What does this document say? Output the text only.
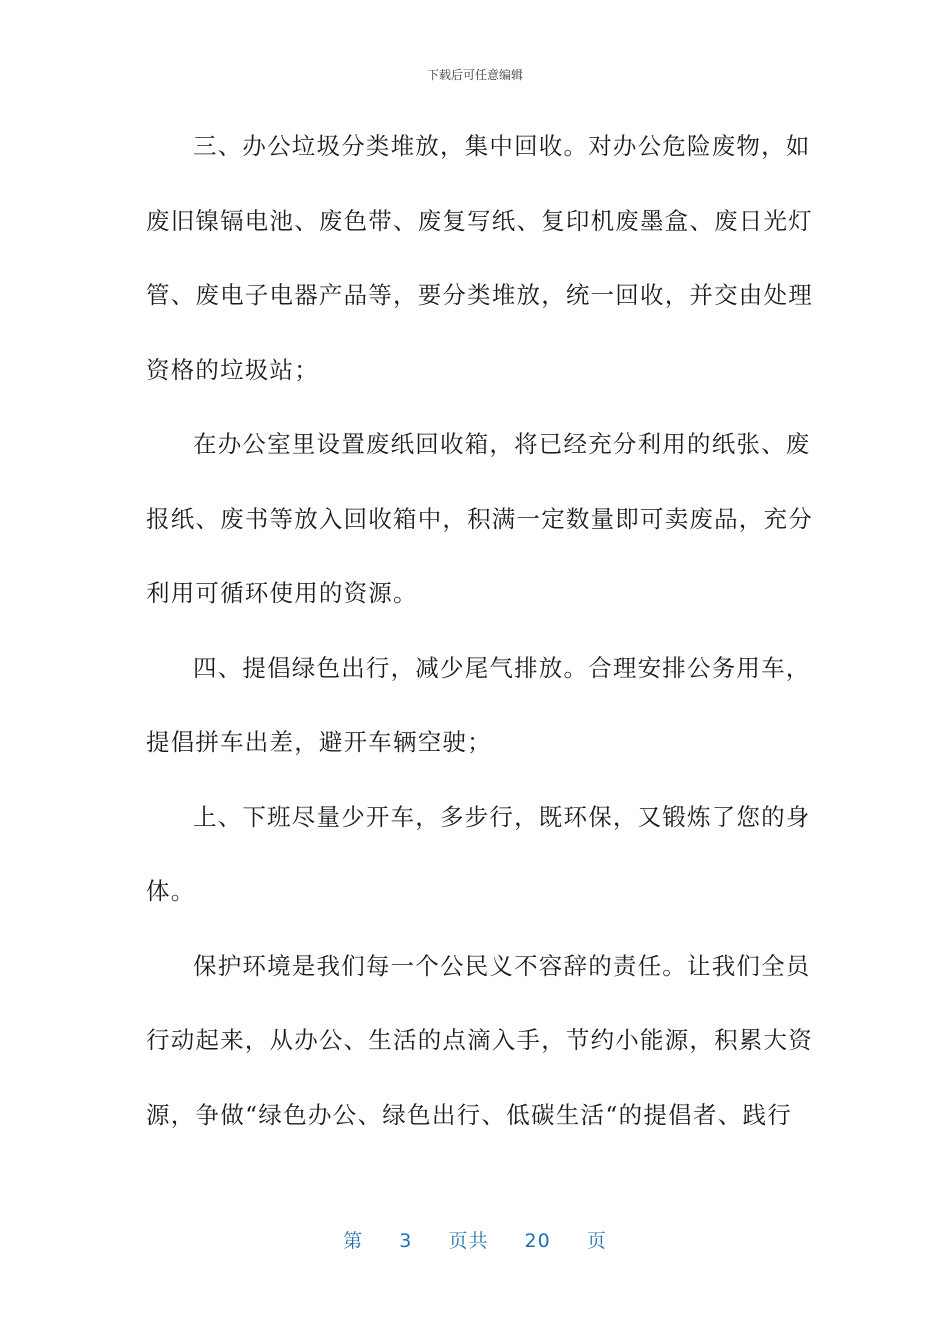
下载后可任意编辑
三、办公垃圾分类堆放，集中回收。对办公危险废物，如
废旧镍镉电池、废色带、废复写纸、复印机废墨盒、废日光灯
管、废电子电器产品等，要分类堆放，统一回收，并交由处理
资格的垃圾站；
在办公室里设置废纸回收箱，将已经充分利用的纸张、废
报纸、废书等放入回收箱中，积满一定数量即可卖废品，充分
利用可循环使用的资源。
四、提倡绿色出行，减少尾气排放。合理安排公务用车，
提倡拼车出差，避开车辆空驶；
上、下班尽量少开车，多步行，既环保，又锻炼了您的身
体。
保护环境是我们每一个公民义不容辞的责任。让我们全员
行动起来，从办公、生活的点滴入手，节约小能源，积累大资
源，争做“绿色办公、绿色出行、低碳生活“的提倡者、践行
第 3 页共 20 页
